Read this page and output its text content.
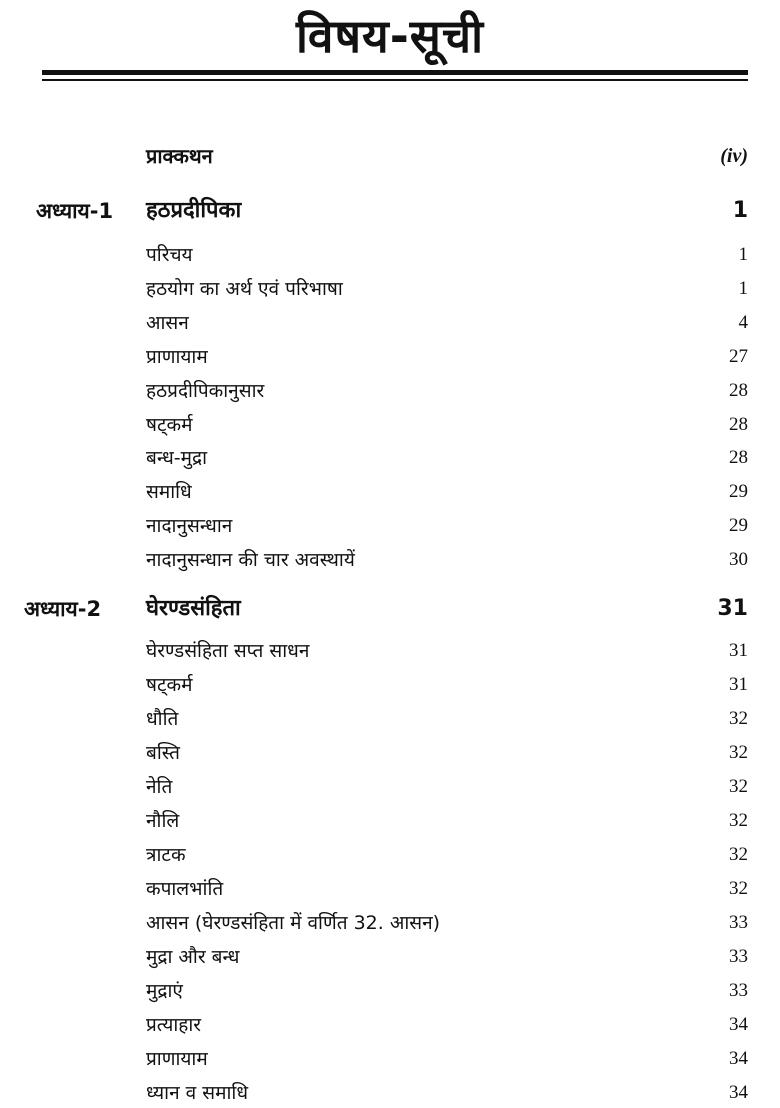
विषय-सूची
प्राक्कथन	(iv)
अध्याय-1 हठप्रदीपिका	1
परिचय	1
हठयोग का अर्थ एवं परिभाषा	1
आसन	4
प्राणायाम	27
हठप्रदीपिकानुसार	28
षट्कर्म	28
बन्ध-मुद्रा	28
समाधि	29
नादानुसन्धान	29
नादानुसन्धान की चार अवस्थायें	30
अध्याय-2 घेरण्डसंहिता	31
घेरण्डसंहिता सप्त साधन	31
षट्कर्म	31
धौति	32
बस्ति	32
नेति	32
नौलि	32
त्राटक	32
कपालभांति	32
आसन (घेरण्डसंहिता में वर्णित 32. आसन)	33
मुद्रा और बन्ध	33
मुद्राएं	33
प्रत्याहार	34
प्राणायाम	34
ध्यान व समाधि	34
